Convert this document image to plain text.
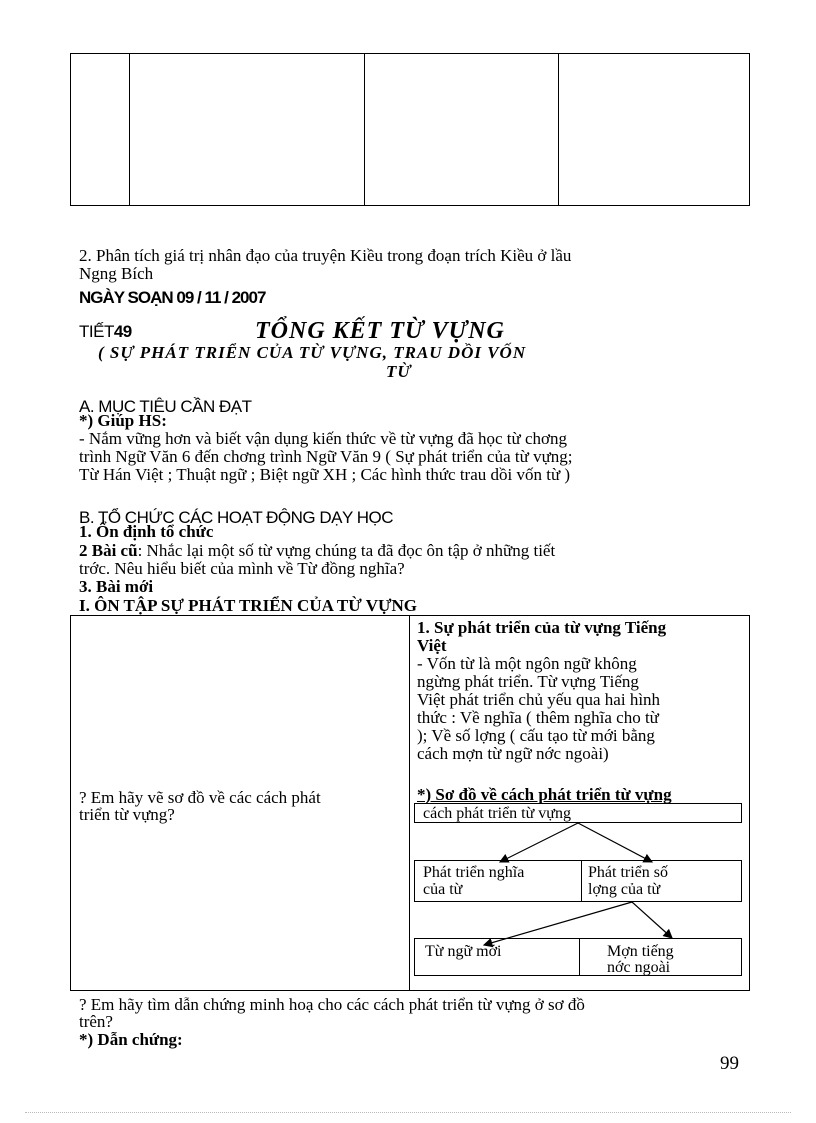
2. Phân tích giá trị nhân đạo của truyện Kiều trong đoạn trích Kiều ở lầu
Ngng Bích
NGÀY SOẠN 09 / 11 / 2007
TIẾT49	TỔNG KẾT TỪ VỰNG
( SỰ PHÁT TRIỂN CỦA TỪ VỰNG, TRAU DỒI VỐN
TỪ
A. MỤC TIÊU CẦN ĐẠT
*) Giúp HS:
- Nắm vững hơn và biết vận dụng kiến thức về từ vựng đã học từ chơng
trình Ngữ Văn 6 đến chơng trình Ngữ Văn 9 ( Sự phát triển của từ vựng;
Từ Hán Việt ; Thuật ngữ ; Biệt ngữ XH ; Các hình thức trau dồi vốn từ )
B. TỔ CHỨC CÁC HOẠT ĐỘNG DẠY HỌC
1. Ổn định tổ chức
2 Bài cũ: Nhắc lại một số từ vựng chúng ta đã đọc ôn tập ở những tiết
trớc. Nêu hiểu biết của mình về Từ đồng nghĩa?
3. Bài mới
I. ÔN TẬP SỰ PHÁT TRIỂN CỦA TỪ VỰNG
? Em hãy vẽ sơ đồ về các cách phát
triển từ vựng?
1. Sự phát triển của từ vựng Tiếng
Việt
- Vốn từ là một ngôn ngữ không
ngừng phát triển. Từ vựng Tiếng
Việt phát triển chủ yếu qua hai hình
thức : Về nghĩa ( thêm nghĩa cho từ
); Về số lợng ( cấu tạo từ mới bằng
cách mợn từ ngữ nớc ngoài)
*) Sơ đồ về cách phát triển từ vựng
cách phát triển từ vựng
Phát triển nghĩa
của từ
Phát triển số
lợng của từ
Từ ngữ mới	Mợn tiếng
nớc ngoài
? Em hãy tìm dẫn chứng minh hoạ cho các cách phát triển từ vựng ở sơ đồ
trên?
*) Dẫn chứng:
99
